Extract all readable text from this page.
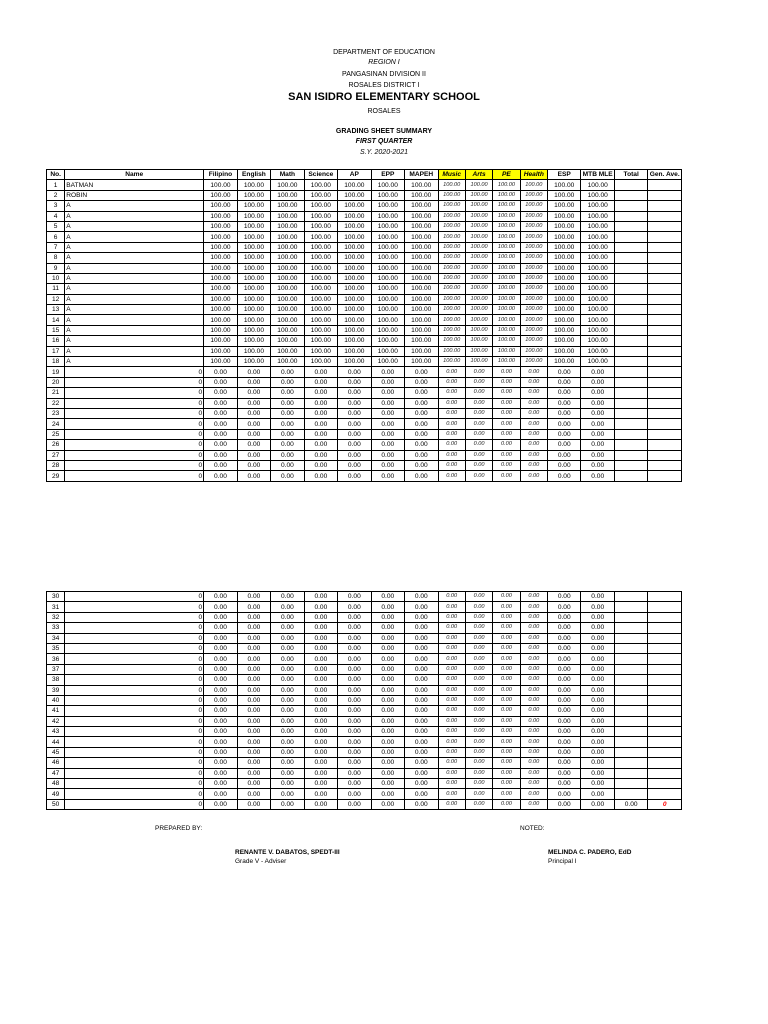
DEPARTMENT OF EDUCATION
REGION I
PANGASINAN DIVISION II
ROSALES DISTRICT I
SAN ISIDRO ELEMENTARY SCHOOL
ROSALES
GRADING SHEET SUMMARY
FIRST QUARTER
S.Y. 2020-2021
No.	Name	Filipino	English	Math	Science	AP	EPP	MAPEH	Music	Arts	PE	Health	ESP	MTB MLE	Total	Gen. Ave.
1	BATMAN	100.00	100.00	100.00	100.00	100.00	100.00	100.00	100.00	100.00	100.00	100.00	100.00	100.00		
2	ROBIN	100.00	100.00	100.00	100.00	100.00	100.00	100.00	100.00	100.00	100.00	100.00	100.00	100.00		
3	A	100.00	100.00	100.00	100.00	100.00	100.00	100.00	100.00	100.00	100.00	100.00	100.00	100.00		
4	A	100.00	100.00	100.00	100.00	100.00	100.00	100.00	100.00	100.00	100.00	100.00	100.00	100.00		
5	A	100.00	100.00	100.00	100.00	100.00	100.00	100.00	100.00	100.00	100.00	100.00	100.00	100.00		
6	A	100.00	100.00	100.00	100.00	100.00	100.00	100.00	100.00	100.00	100.00	100.00	100.00	100.00		
7	A	100.00	100.00	100.00	100.00	100.00	100.00	100.00	100.00	100.00	100.00	100.00	100.00	100.00		
8	A	100.00	100.00	100.00	100.00	100.00	100.00	100.00	100.00	100.00	100.00	100.00	100.00	100.00		
9	A	100.00	100.00	100.00	100.00	100.00	100.00	100.00	100.00	100.00	100.00	100.00	100.00	100.00		
10	A	100.00	100.00	100.00	100.00	100.00	100.00	100.00	100.00	100.00	100.00	100.00	100.00	100.00		
11	A	100.00	100.00	100.00	100.00	100.00	100.00	100.00	100.00	100.00	100.00	100.00	100.00	100.00		
12	A	100.00	100.00	100.00	100.00	100.00	100.00	100.00	100.00	100.00	100.00	100.00	100.00	100.00		
13	A	100.00	100.00	100.00	100.00	100.00	100.00	100.00	100.00	100.00	100.00	100.00	100.00	100.00		
14	A	100.00	100.00	100.00	100.00	100.00	100.00	100.00	100.00	100.00	100.00	100.00	100.00	100.00		
15	A	100.00	100.00	100.00	100.00	100.00	100.00	100.00	100.00	100.00	100.00	100.00	100.00	100.00		
16	A	100.00	100.00	100.00	100.00	100.00	100.00	100.00	100.00	100.00	100.00	100.00	100.00	100.00		
17	A	100.00	100.00	100.00	100.00	100.00	100.00	100.00	100.00	100.00	100.00	100.00	100.00	100.00		
18	A	100.00	100.00	100.00	100.00	100.00	100.00	100.00	100.00	100.00	100.00	100.00	100.00	100.00		
19	0	0.00	0.00	0.00	0.00	0.00	0.00	0.00	0.00	0.00	0.00	0.00	0.00	0.00		
20	0	0.00	0.00	0.00	0.00	0.00	0.00	0.00	0.00	0.00	0.00	0.00	0.00	0.00		
21	0	0.00	0.00	0.00	0.00	0.00	0.00	0.00	0.00	0.00	0.00	0.00	0.00	0.00		
22	0	0.00	0.00	0.00	0.00	0.00	0.00	0.00	0.00	0.00	0.00	0.00	0.00	0.00		
23	0	0.00	0.00	0.00	0.00	0.00	0.00	0.00	0.00	0.00	0.00	0.00	0.00	0.00		
24	0	0.00	0.00	0.00	0.00	0.00	0.00	0.00	0.00	0.00	0.00	0.00	0.00	0.00		
25	0	0.00	0.00	0.00	0.00	0.00	0.00	0.00	0.00	0.00	0.00	0.00	0.00	0.00		
26	0	0.00	0.00	0.00	0.00	0.00	0.00	0.00	0.00	0.00	0.00	0.00	0.00	0.00		
27	0	0.00	0.00	0.00	0.00	0.00	0.00	0.00	0.00	0.00	0.00	0.00	0.00	0.00		
28	0	0.00	0.00	0.00	0.00	0.00	0.00	0.00	0.00	0.00	0.00	0.00	0.00	0.00		
29	0	0.00	0.00	0.00	0.00	0.00	0.00	0.00	0.00	0.00	0.00	0.00	0.00	0.00		
30	0	0.00	0.00	0.00	0.00	0.00	0.00	0.00	0.00	0.00	0.00	0.00	0.00	0.00		
31	0	0.00	0.00	0.00	0.00	0.00	0.00	0.00	0.00	0.00	0.00	0.00	0.00	0.00		
32	0	0.00	0.00	0.00	0.00	0.00	0.00	0.00	0.00	0.00	0.00	0.00	0.00	0.00		
33	0	0.00	0.00	0.00	0.00	0.00	0.00	0.00	0.00	0.00	0.00	0.00	0.00	0.00		
34	0	0.00	0.00	0.00	0.00	0.00	0.00	0.00	0.00	0.00	0.00	0.00	0.00	0.00		
35	0	0.00	0.00	0.00	0.00	0.00	0.00	0.00	0.00	0.00	0.00	0.00	0.00	0.00		
36	0	0.00	0.00	0.00	0.00	0.00	0.00	0.00	0.00	0.00	0.00	0.00	0.00	0.00		
37	0	0.00	0.00	0.00	0.00	0.00	0.00	0.00	0.00	0.00	0.00	0.00	0.00	0.00		
38	0	0.00	0.00	0.00	0.00	0.00	0.00	0.00	0.00	0.00	0.00	0.00	0.00	0.00		
39	0	0.00	0.00	0.00	0.00	0.00	0.00	0.00	0.00	0.00	0.00	0.00	0.00	0.00		
40	0	0.00	0.00	0.00	0.00	0.00	0.00	0.00	0.00	0.00	0.00	0.00	0.00	0.00		
41	0	0.00	0.00	0.00	0.00	0.00	0.00	0.00	0.00	0.00	0.00	0.00	0.00	0.00		
42	0	0.00	0.00	0.00	0.00	0.00	0.00	0.00	0.00	0.00	0.00	0.00	0.00	0.00		
43	0	0.00	0.00	0.00	0.00	0.00	0.00	0.00	0.00	0.00	0.00	0.00	0.00	0.00		
44	0	0.00	0.00	0.00	0.00	0.00	0.00	0.00	0.00	0.00	0.00	0.00	0.00	0.00		
45	0	0.00	0.00	0.00	0.00	0.00	0.00	0.00	0.00	0.00	0.00	0.00	0.00	0.00		
46	0	0.00	0.00	0.00	0.00	0.00	0.00	0.00	0.00	0.00	0.00	0.00	0.00	0.00		
47	0	0.00	0.00	0.00	0.00	0.00	0.00	0.00	0.00	0.00	0.00	0.00	0.00	0.00		
48	0	0.00	0.00	0.00	0.00	0.00	0.00	0.00	0.00	0.00	0.00	0.00	0.00	0.00		
49	0	0.00	0.00	0.00	0.00	0.00	0.00	0.00	0.00	0.00	0.00	0.00	0.00	0.00		
50	0	0.00	0.00	0.00	0.00	0.00	0.00	0.00	0.00	0.00	0.00	0.00	0.00	0.00	0.00	0
PREPARED BY:	NOTED:
RENANTE V. DABATOS, SPEDT-III
Grade V - Adviser
MELINDA C. PADERO, EdD
Principal I
